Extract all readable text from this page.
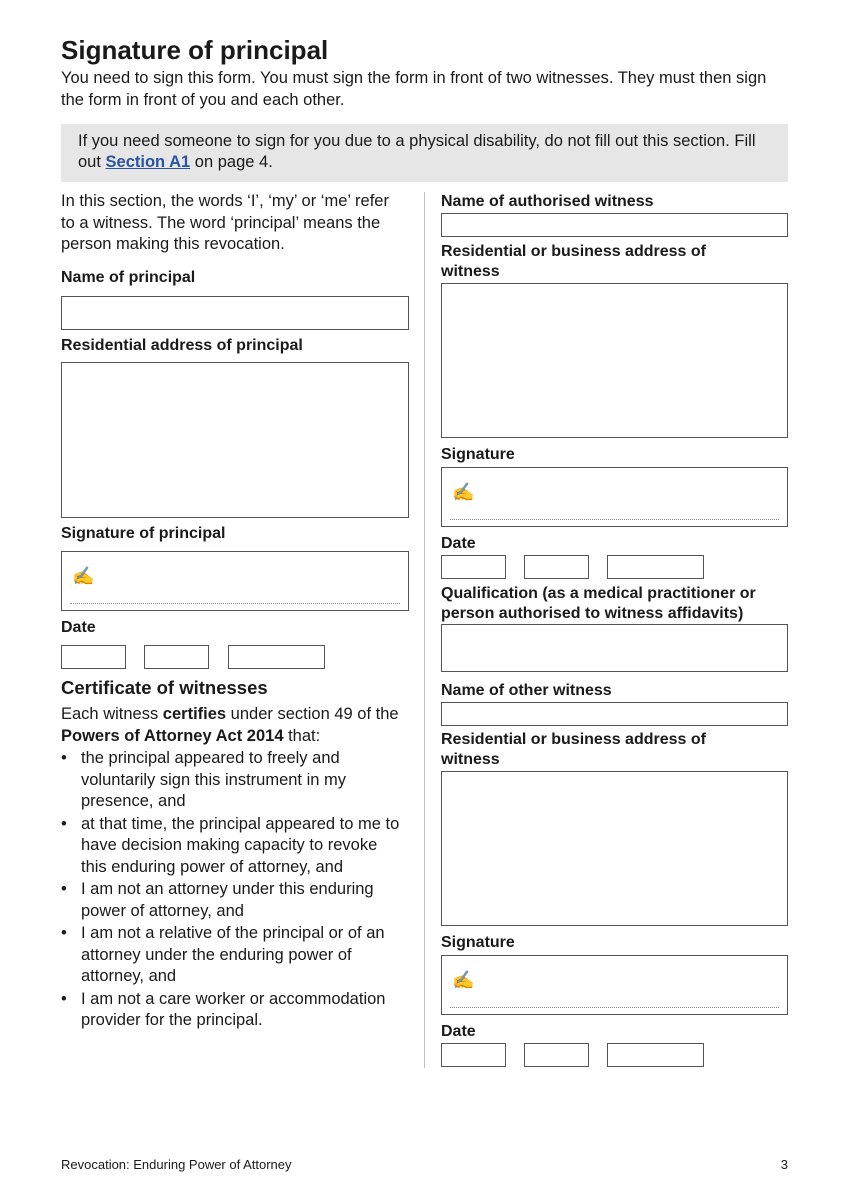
Signature of principal

You need to sign this form. You must sign the form in front of two witnesses. They must then sign the form in front of you and each other.

If you need someone to sign for you due to a physical disability, do not fill out this section. Fill out Section A1 on page 4.

In this section, the words ‘I’, ‘my’ or ‘me’ refer to a witness. The word ‘principal’ means the person making this revocation.

Name of principal

Residential address of principal

Signature of principal

✍

Date

Certificate of witnesses

Each witness certifies under section 49 of the Powers of Attorney Act 2014 that:

• the principal appeared to freely and voluntarily sign this instrument in my presence, and
• at that time, the principal appeared to me to have decision making capacity to revoke this enduring power of attorney, and
• I am not an attorney under this enduring power of attorney, and
• I am not a relative of the principal or of an attorney under the enduring power of attorney, and
• I am not a care worker or accommodation provider for the principal.

Name of authorised witness

Residential or business address of witness

Signature

✍

Date

Qualification (as a medical practitioner or person authorised to witness affidavits)

Name of other witness

Residential or business address of witness

Signature

✍

Date

Revocation: Enduring Power of Attorney	3
